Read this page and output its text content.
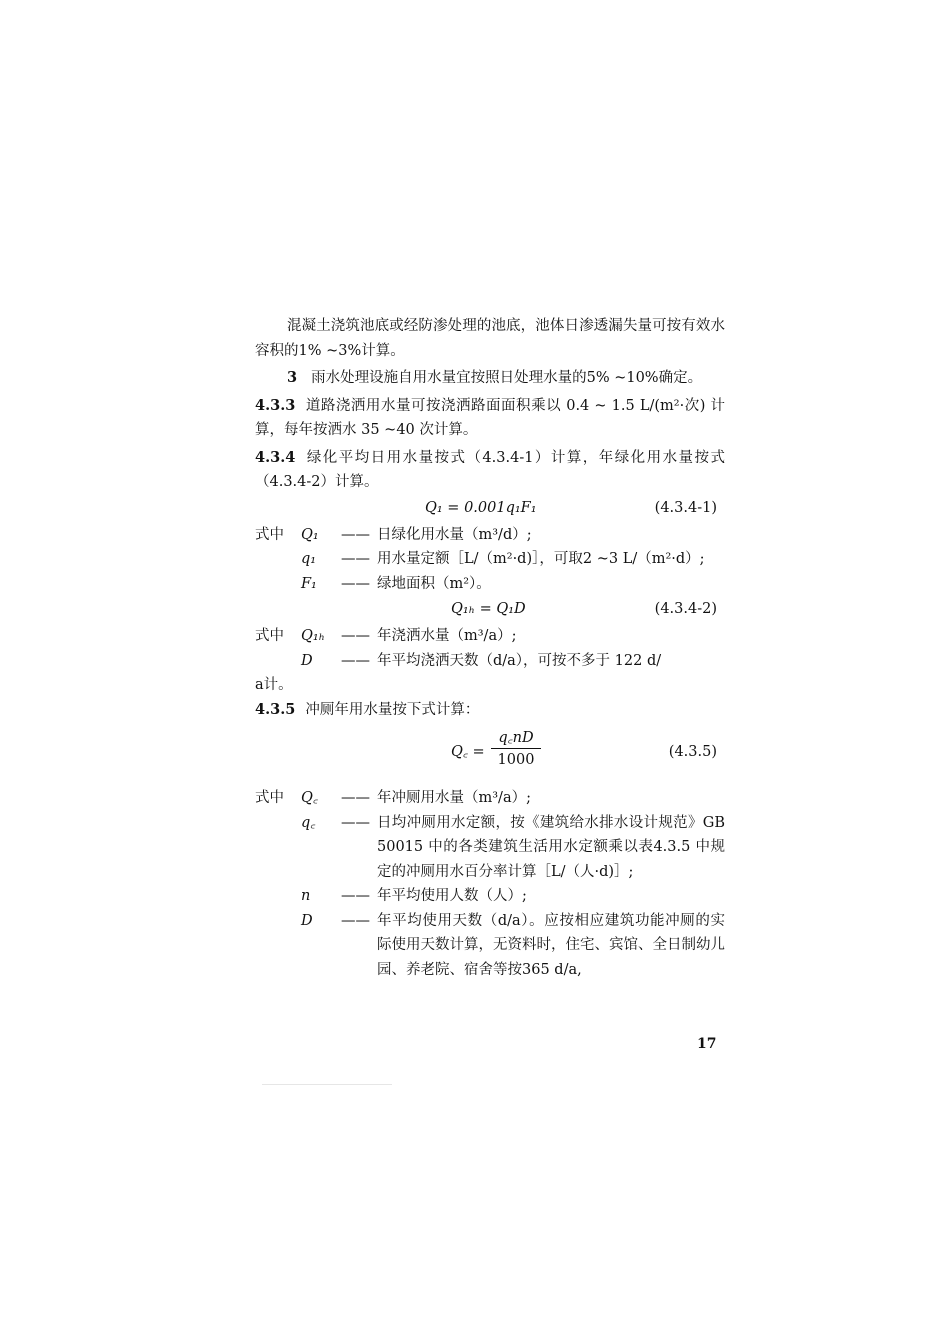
混凝土浇筑池底或经防渗处理的池底，池体日渗透漏失量可按有效水容积的1% ~3%计算。

3 雨水处理设施自用水量宜按照日处理水量的5% ~10%确定。

4.3.3 道路浇洒用水量可按浇洒路面面积乘以 0.4 ~ 1.5 L/(m²·次) 计算，每年按洒水 35 ~40 次计算。

4.3.4 绿化平均日用水量按式（4.3.4-1）计算，年绿化用水量按式（4.3.4-2）计算。

Q₁ = 0.001q₁F₁	(4.3.4-1)
式中	Q₁	—— 日绿化用水量（m³/d）;
q₁	—— 用水量定额［L/（m²·d)］，可取2 ~3 L/（m²·d）;
F₁	—— 绿地面积（m²）。
Q₁ₕ = Q₁D	(4.3.4-2)
式中	Q₁ₕ	—— 年浇洒水量（m³/a）;
D	—— 年平均浇洒天数（d/a），可按不多于 122 d/

a计。

4.3.5 冲厕年用水量按下式计算：

Q꜀ = $\frac{q꜀nD}{1000}$	(4.3.5)
式中	Q꜀	—— 年冲厕用水量（m³/a）;
q꜀	—— 日均冲厕用水定额，按《建筑给水排水设计规范》GB 50015 中的各类建筑生活用水定额乘以表4.3.5 中规定的冲厕用水百分率计算［L/（人·d)］;
n	—— 年平均使用人数（人）;
D	—— 年平均使用天数（d/a）。应按相应建筑功能冲厕的实际使用天数计算，无资料时，住宅、宾馆、全日制幼儿园、养老院、宿舍等按365 d/a,
17
